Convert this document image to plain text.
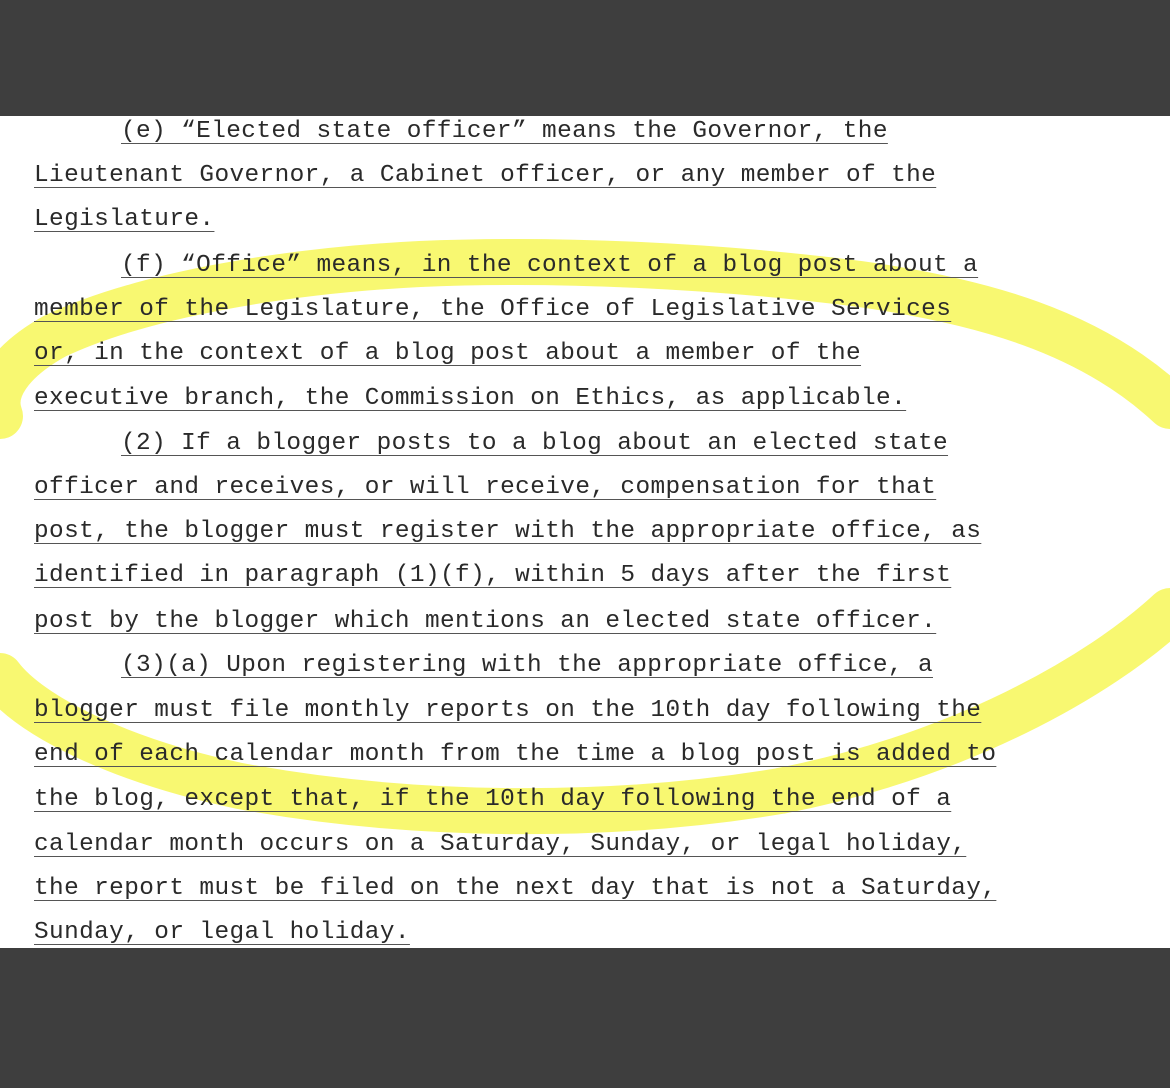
(e) “Elected state officer” means the Governor, the
Lieutenant Governor, a Cabinet officer, or any member of the
Legislature.
(f) “Office” means, in the context of a blog post about a
member of the Legislature, the Office of Legislative Services
or, in the context of a blog post about a member of the
executive branch, the Commission on Ethics, as applicable.
(2) If a blogger posts to a blog about an elected state
officer and receives, or will receive, compensation for that
post, the blogger must register with the appropriate office, as
identified in paragraph (1)(f), within 5 days after the first
post by the blogger which mentions an elected state officer.
(3)(a) Upon registering with the appropriate office, a
blogger must file monthly reports on the 10th day following the
end of each calendar month from the time a blog post is added to
the blog, except that, if the 10th day following the end of a
calendar month occurs on a Saturday, Sunday, or legal holiday,
the report must be filed on the next day that is not a Saturday,
Sunday, or legal holiday.
